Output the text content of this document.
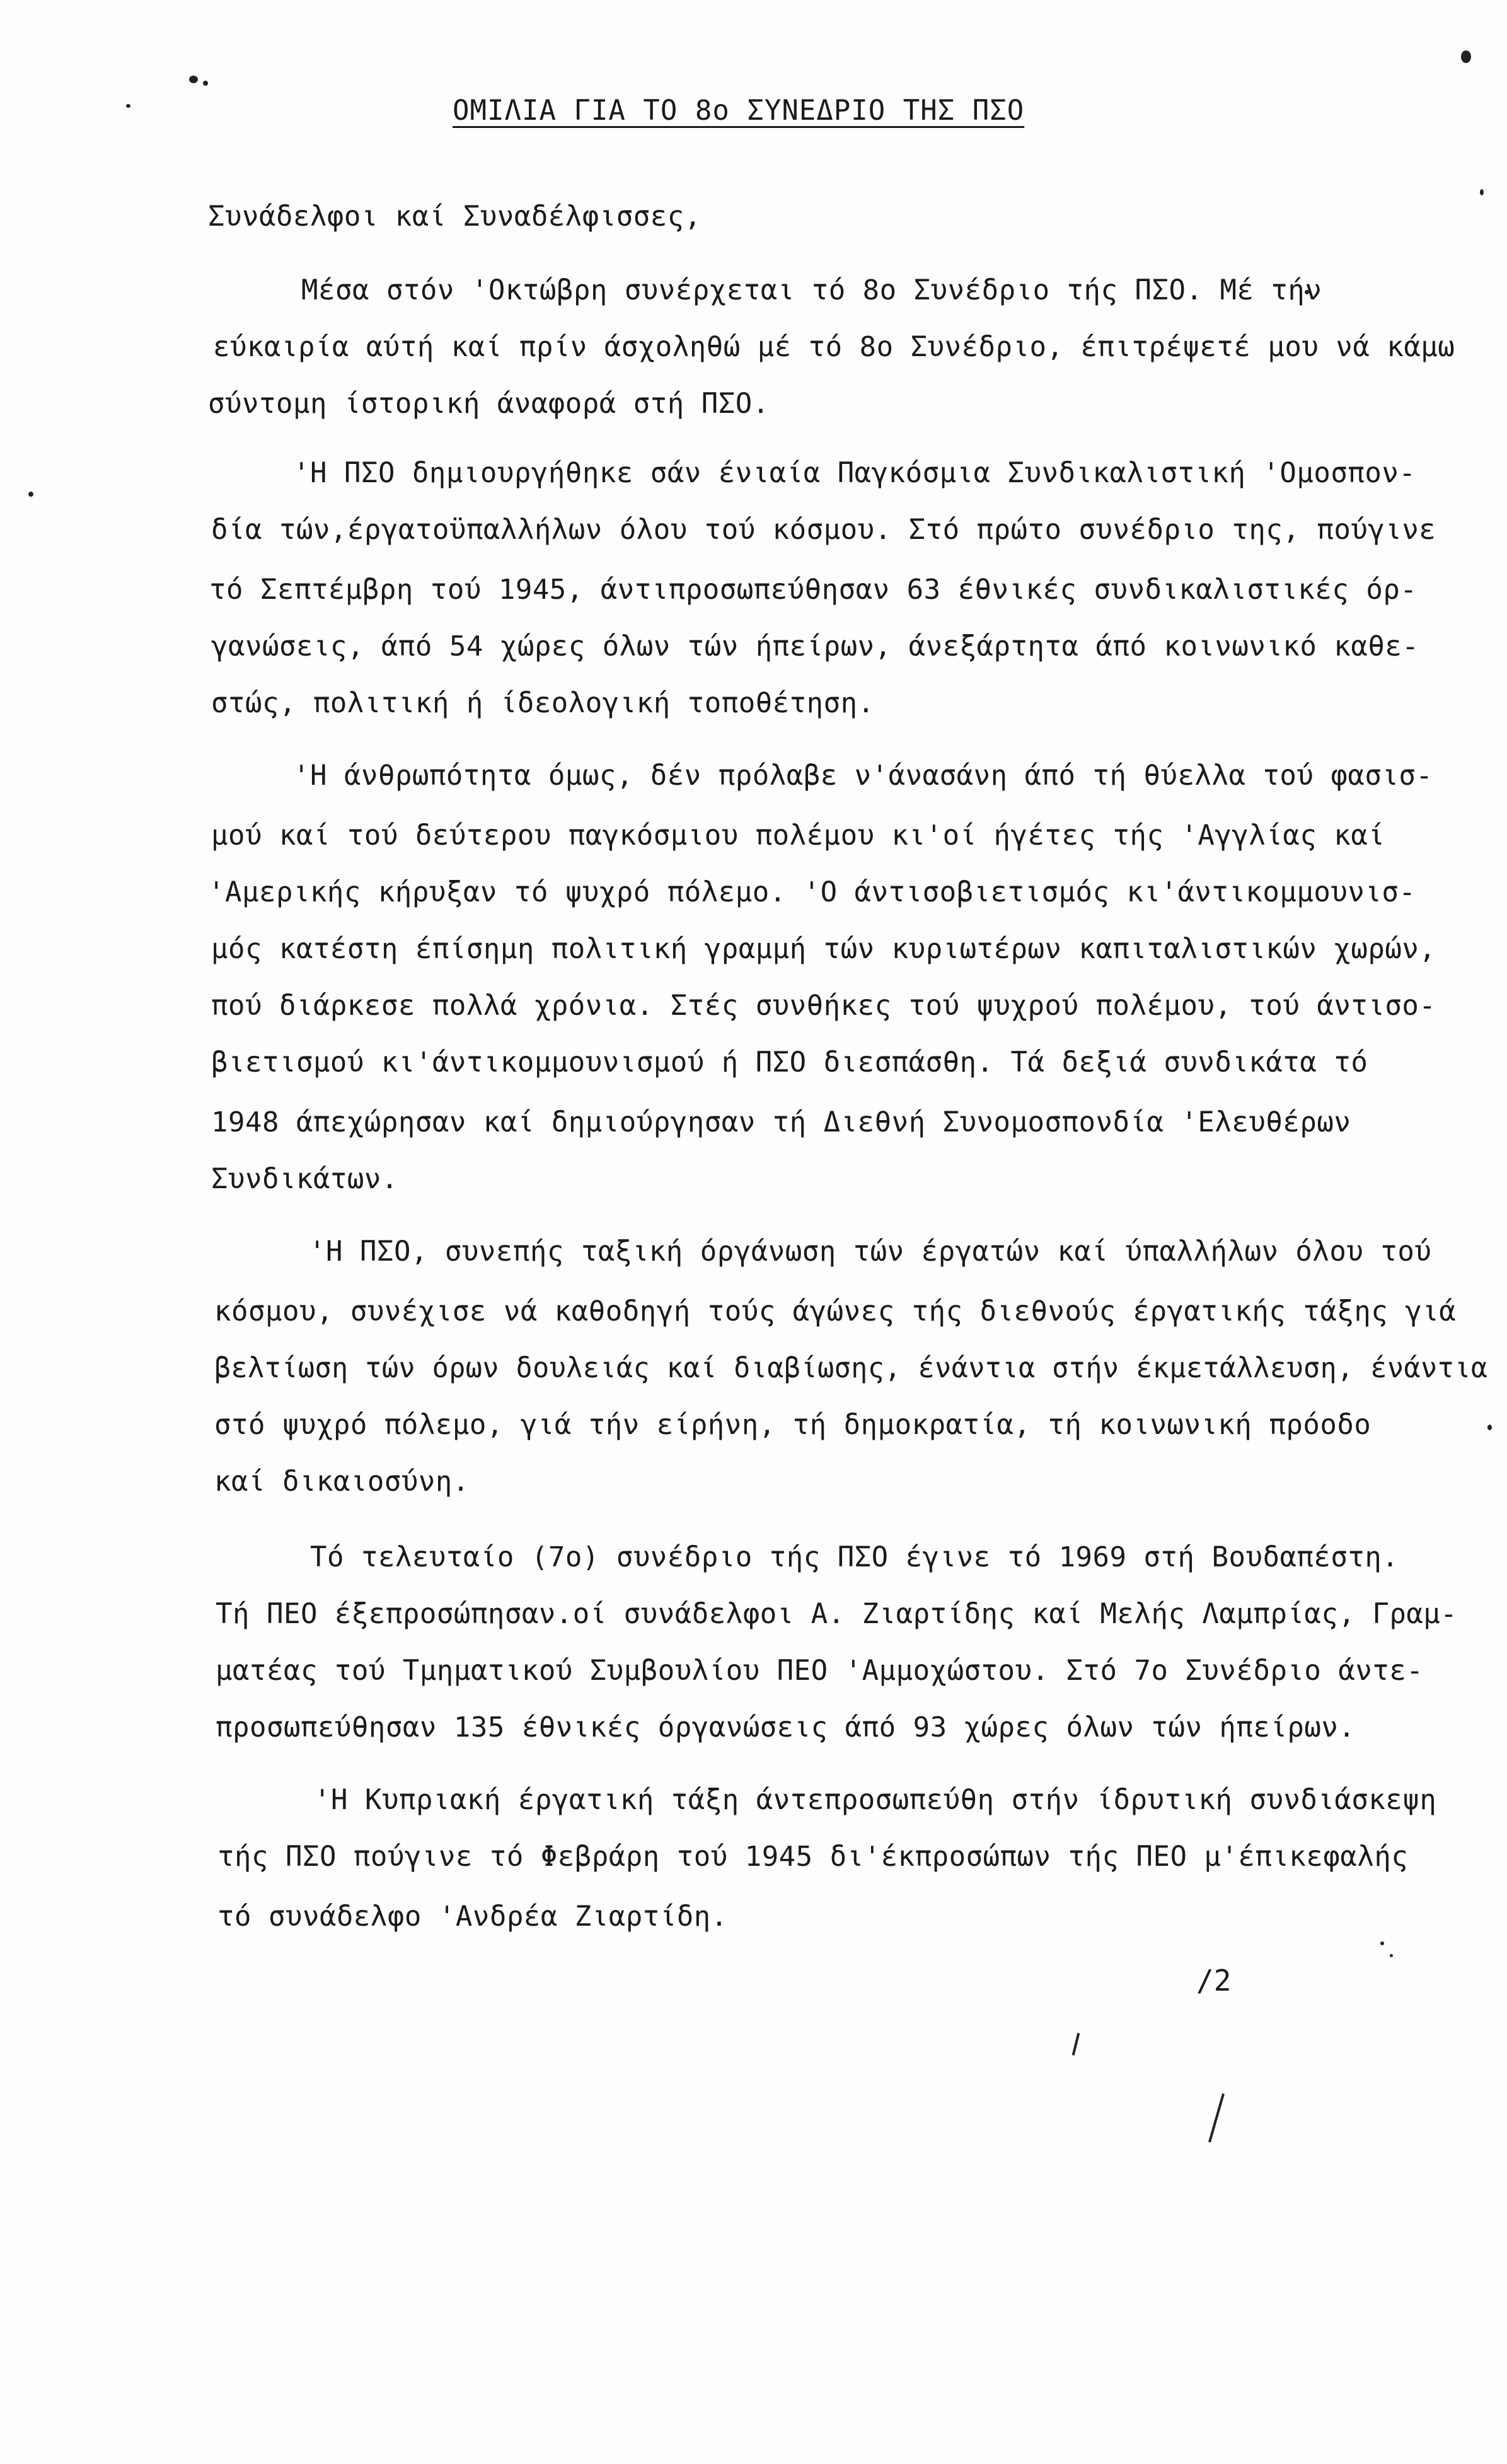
ΟΜΙΛΙΑ ΓΙΑ ΤΟ 8ο ΣΥΝΕΔΡΙΟ ΤΗΣ ΠΣΟ
Συνάδελφοι καί Συναδέλφισσες,
Μέσα στόν 'Οκτώβρη συνέρχεται τό 8ο Συνέδριο τής ΠΣΟ. Μέ τήν
εύκαιρία αύτή καί πρίν άσχοληθώ μέ τό 8ο Συνέδριο, έπιτρέψετέ μου νά κάμω
σύντομη ίστορική άναφορά στή ΠΣΟ.
'Η ΠΣΟ δημιουργήθηκε σάν ένιαία Παγκόσμια Συνδικαλιστική 'Ομοσπον-
δία τών,έργατοϋπαλλήλων όλου τού κόσμου. Στό πρώτο συνέδριο της, πούγινε
τό Σεπτέμβρη τού 1945, άντιπροσωπεύθησαν 63 έθνικές συνδικαλιστικές όρ-
γανώσεις, άπό 54 χώρες όλων τών ήπείρων, άνεξάρτητα άπό κοινωνικό καθε-
στώς, πολιτική ή ίδεολογική τοποθέτηση.
'Η άνθρωπότητα όμως, δέν πρόλαβε ν'άνασάνη άπό τή θύελλα τού φασισ-
μού καί τού δεύτερου παγκόσμιου πολέμου κι'οί ήγέτες τής 'Αγγλίας καί
'Αμερικής κήρυξαν τό ψυχρό πόλεμο. 'Ο άντισοβιετισμός κι'άντικομμουνισ-
μός κατέστη έπίσημη πολιτική γραμμή τών κυριωτέρων καπιταλιστικών χωρών,
πού διάρκεσε πολλά χρόνια. Στές συνθήκες τού ψυχρού πολέμου, τού άντισο-
βιετισμού κι'άντικομμουνισμού ή ΠΣΟ διεσπάσθη. Τά δεξιά συνδικάτα τό
1948 άπεχώρησαν καί δημιούργησαν τή Διεθνή Συνομοσπονδία 'Ελευθέρων
Συνδικάτων.
'Η ΠΣΟ, συνεπής ταξική όργάνωση τών έργατών καί ύπαλλήλων όλου τού
κόσμου, συνέχισε νά καθοδηγή τούς άγώνες τής διεθνούς έργατικής τάξης γιά
βελτίωση τών όρων δουλειάς καί διαβίωσης, ένάντια στήν έκμετάλλευση, ένάντια
στό ψυχρό πόλεμο, γιά τήν είρήνη, τή δημοκρατία, τή κοινωνική πρόοδο
καί δικαιοσύνη.
Τό τελευταίο (7ο) συνέδριο τής ΠΣΟ έγινε τό 1969 στή Βουδαπέστη.
Τή ΠΕΟ έξεπροσώπησαν.οί συνάδελφοι Α. Ζιαρτίδης καί Μελής Λαμπρίας, Γραμ-
ματέας τού Τμηματικού Συμβουλίου ΠΕΟ 'Αμμοχώστου. Στό 7ο Συνέδριο άντε-
προσωπεύθησαν 135 έθνικές όργανώσεις άπό 93 χώρες όλων τών ήπείρων.
'Η Κυπριακή έργατική τάξη άντεπροσωπεύθη στήν ίδρυτική συνδιάσκεψη
τής ΠΣΟ πούγινε τό Φεβράρη τού 1945 δι'έκπροσώπων τής ΠΕΟ μ'έπικεφαλής
τό συνάδελφο 'Ανδρέα Ζιαρτίδη.
/2
